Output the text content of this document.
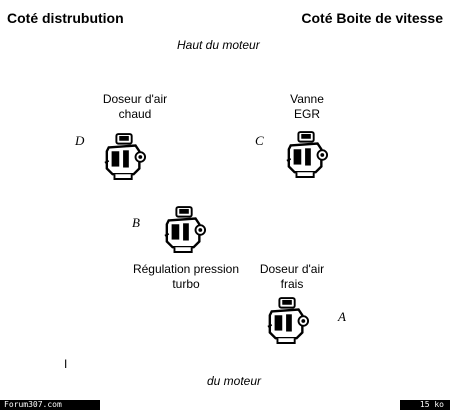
Coté distrubution	Coté Boite de vitesse
Haut du moteur
Doseur d'air
chaud
D
Vanne
EGR
C
B
Régulation pression
turbo
Doseur d'air
frais
A
I
du moteur
Forum307.com	15 ko
